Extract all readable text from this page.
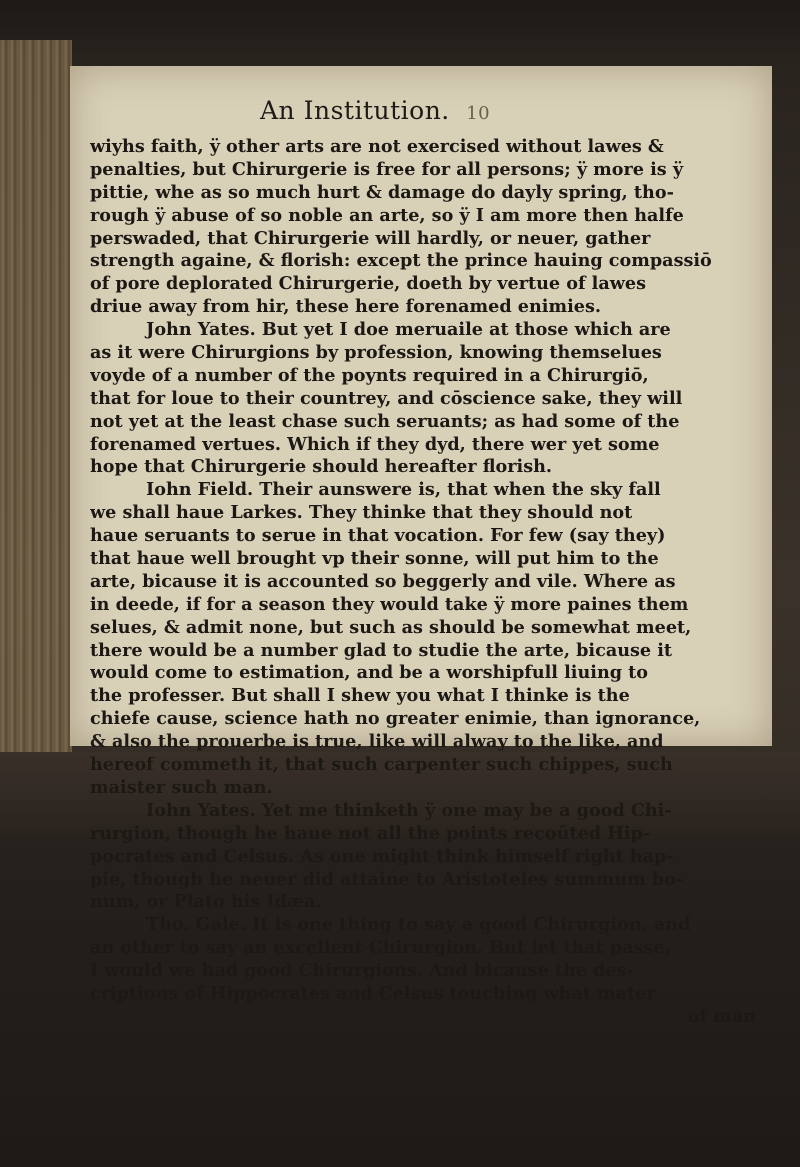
An Institution. 10
wiyhs faith, ÿ other arts are not exercised without lawes &
penalties, but Chirurgerie is free for all persons; ÿ more is ÿ
pittie, whe as so much hurt & damage do dayly spring, tho-
rough ÿ abuse of so noble an arte, so ÿ I am more then halfe
perswaded, that Chirurgerie will hardly, or neuer, gather
strength againe, & florish: except the prince hauing compassiō
of pore deplorated Chirurgerie, doeth by vertue of lawes
driue away from hir, these here forenamed enimies.
John Yates. But yet I doe meruaile at those which are
as it were Chirurgions by profession, knowing themselues
voyde of a number of the poynts required in a Chirurgiō,
that for loue to their countrey, and cōscience sake, they will
not yet at the least chase such seruants; as had some of the
forenamed vertues. Which if they dyd, there wer yet some
hope that Chirurgerie should hereafter florish.
Iohn Field. Their aunswere is, that when the sky fall
we shall haue Larkes. They thinke that they should not
haue seruants to serue in that vocation. For few (say they)
that haue well brought vp their sonne, will put him to the
arte, bicause it is accounted so beggerly and vile. Where as
in deede, if for a season they would take ÿ more paines them
selues, & admit none, but such as should be somewhat meet,
there would be a number glad to studie the arte, bicause it
would come to estimation, and be a worshipfull liuing to
the professer. But shall I shew you what I thinke is the
chiefe cause, science hath no greater enimie, than ignorance,
& also the prouerbe is true, like will alway to the like, and
hereof commeth it, that such carpenter such chippes, such
maister such man.
Iohn Yates. Yet me thinketh ÿ one may be a good Chi-
rurgion, though he haue not all the points recoūted Hip-
pocrates and Celsus. As one might think himself right hap-
pie, though he neuer did attaine to Aristoteles summum bo-
num, or Plato his Idæa.
Tho. Gale. It is one thing to say a good Chirurgion, and
an other to say an excellent Chirurgion. But let that passe,
I would we had good Chirurgions. And bicause the des-
criptions of Hippocrates and Celsus touching what mater
of man
